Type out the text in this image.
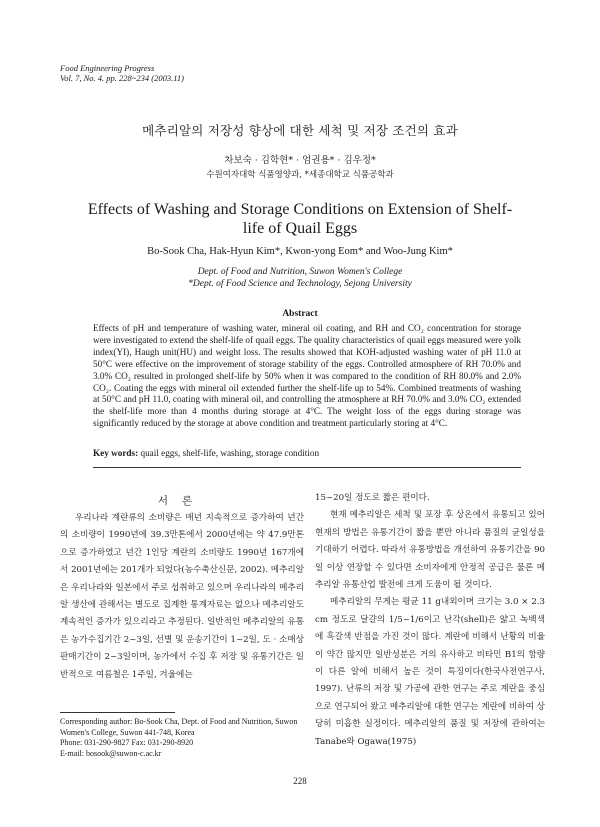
Food Engineering Progress
Vol. 7, No. 4. pp. 228~234 (2003.11)
메추리알의 저장성 향상에 대한 세척 및 저장 조건의 효과
차보숙 · 김학현* · 엄권용* · 김우정*
수원여자대학 식품영양과, *세종대학교 식품공학과
Effects of Washing and Storage Conditions on Extension of Shelf-life of Quail Eggs
Bo-Sook Cha, Hak-Hyun Kim*, Kwon-yong Eom* and Woo-Jung Kim*
Dept. of Food and Nutrition, Suwon Women's College
*Dept. of Food Science and Technology, Sejong University
Abstract
Effects of pH and temperature of washing water, mineral oil coating, and RH and CO₂ concentration for storage were investigated to extend the shelf-life of quail eggs. The quality characteristics of quail eggs measured were yolk index(YI), Haugh unit(HU) and weight loss. The results showed that KOH-adjusted washing water of pH 11.0 at 50°C were effective on the improvement of storage stability of the eggs. Controlled atmosphere of RH 70.0% and 3.0% CO₂ resulted in prolonged shelf-life by 50% when it was compared to the condition of RH 80.0% and 2.0% CO₂. Coating the eggs with mineral oil extended further the shelf-life up to 54%. Combined treatments of washing at 50°C and pH 11.0, coating with mineral oil, and controlling the atmosphere at RH 70.0% and 3.0% CO₂ extended the shelf-life more than 4 months during storage at 4°C. The weight loss of the eggs during storage was significantly reduced by the storage at above condition and treatment particularly storing at 4°C.
Key words: quail eggs, shelf-life, washing, storage condition
서론

우리나라 계란류의 소비량은 매년 지속적으로 증가하여 년간의 소비량이 1990년에 39.3만톤에서 2000년에는 약 47.9만톤으로 증가하였고 년간 1인당 계란의 소비량도 1990년 167개에서 2001년에는 201개가 되었다(농수축산신문, 2002). 메추리알은 우리나라와 일본에서 주로 섭취하고 있으며 우리나라의 메추리알 생산에 관해서는 별도로 집계한 통계자료는 없으나 메추리알도 계속적인 증가가 있으리라고 추정된다. 일반적인 메추리알의 유통은 농가수집기간 2~3일, 선별 및 운송기간이 1~2일, 도 · 소매상 판매기간이 2~3일이며, 농가에서 수집 후 저장 및 유통기간은 일반적으로 여름철은 1주일, 겨울에는

15~20일 정도로 짧은 편이다.

현재 메추리알은 세척 및 포장 후 상온에서 유통되고 있어 현재의 방법은 유통기간이 짧을 뿐만 아니라 품질의 균일성을 기대하기 어렵다. 따라서 유통방법을 개선하여 유통기간을 90일 이상 연장할 수 있다면 소비자에게 안정적 공급은 물론 메추리알 유통산업 발전에 크게 도움이 될 것이다.

메추리알의 무게는 평균 11 g내외이며 크기는 3.0 × 2.3 cm 정도로 달걀의 1/5~1/6이고 난각(shell)은 얇고 녹백색에 흑갈색 반점을 가진 것이 많다. 계란에 비해서 난황의 비율이 약간 많지만 일반성분은 거의 유사하고 비타민 B1의 함량이 다른 알에 비해서 높은 것이 특징이다(한국사전연구사, 1997). 난류의 저장 및 가공에 관한 연구는 주로 계란을 중심으로 연구되어 왔고 메추리알에 대한 연구는 계란에 비하여 상당히 미흡한 실정이다. 메추리알의 품질 및 저장에 관하여는 Tanabe와 Ogawa(1975)

Corresponding author: Bo-Sook Cha, Dept. of Food and Nutrition, Suwon Women's College, Suwon 441-748, Korea
Phone: 031-290-9827 Fax: 031-290-8920
E-mail: bosook@suwon-c.ac.kr
228
